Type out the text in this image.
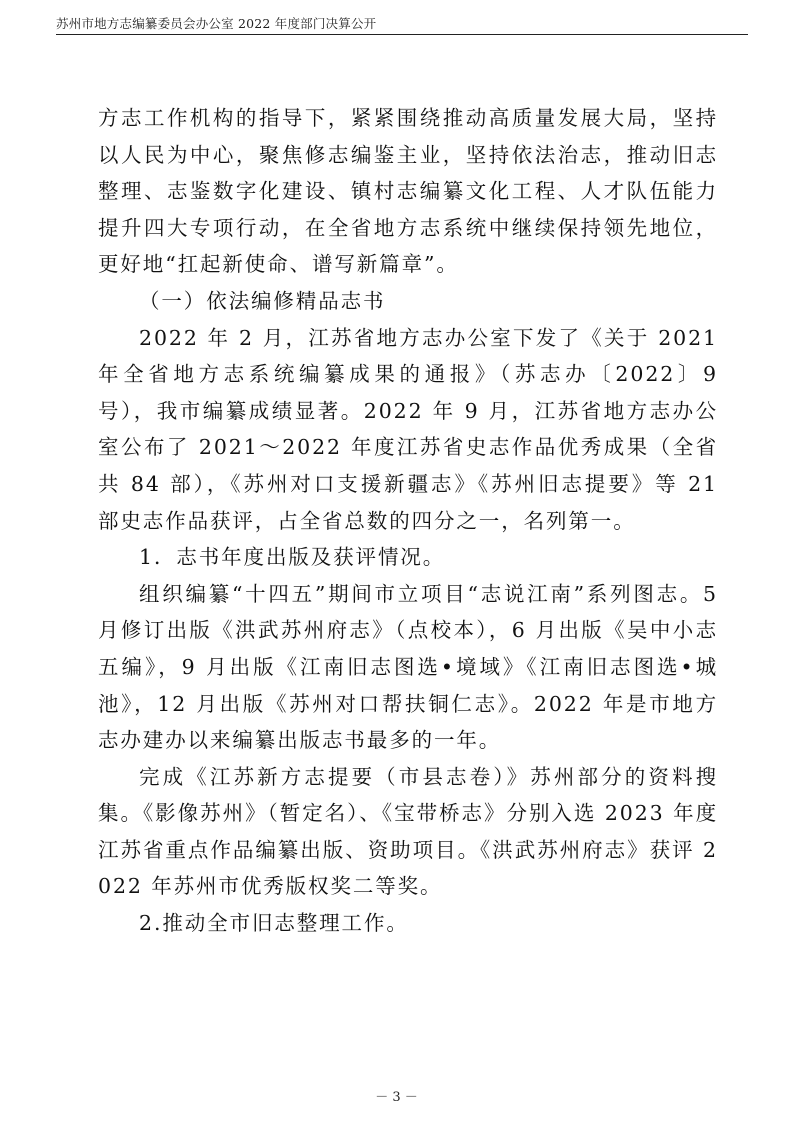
苏州市地方志编纂委员会办公室 2022 年度部门决算公开

方志工作机构的指导下，紧紧围绕推动高质量发展大局，坚持以人民为中心，聚焦修志编鉴主业，坚持依法治志，推动旧志整理、志鉴数字化建设、镇村志编纂文化工程、人才队伍能力提升四大专项行动，在全省地方志系统中继续保持领先地位，更好地“扛起新使命、谱写新篇章”。

（一）依法编修精品志书

2022 年 2 月，江苏省地方志办公室下发了《关于 2021 年全省地方志系统编纂成果的通报》（苏志办〔2022〕9 号），我市编纂成绩显著。2022 年 9 月，江苏省地方志办公室公布了 2021～2022 年度江苏省史志作品优秀成果（全省共 84 部），《苏州对口支援新疆志》《苏州旧志提要》等 21 部史志作品获评，占全省总数的四分之一，名列第一。

1．志书年度出版及获评情况。

组织编纂“十四五”期间市立项目“志说江南”系列图志。5 月修订出版《洪武苏州府志》（点校本），6 月出版《吴中小志五编》，9 月出版《江南旧志图选•境域》《江南旧志图选•城池》，12 月出版《苏州对口帮扶铜仁志》。2022 年是市地方志办建办以来编纂出版志书最多的一年。

完成《江苏新方志提要（市县志卷）》苏州部分的资料搜集。《影像苏州》（暂定名）、《宝带桥志》分别入选 2023 年度江苏省重点作品编纂出版、资助项目。《洪武苏州府志》获评 2022 年苏州市优秀版权奖二等奖。

2.推动全市旧志整理工作。

－ 3 －
